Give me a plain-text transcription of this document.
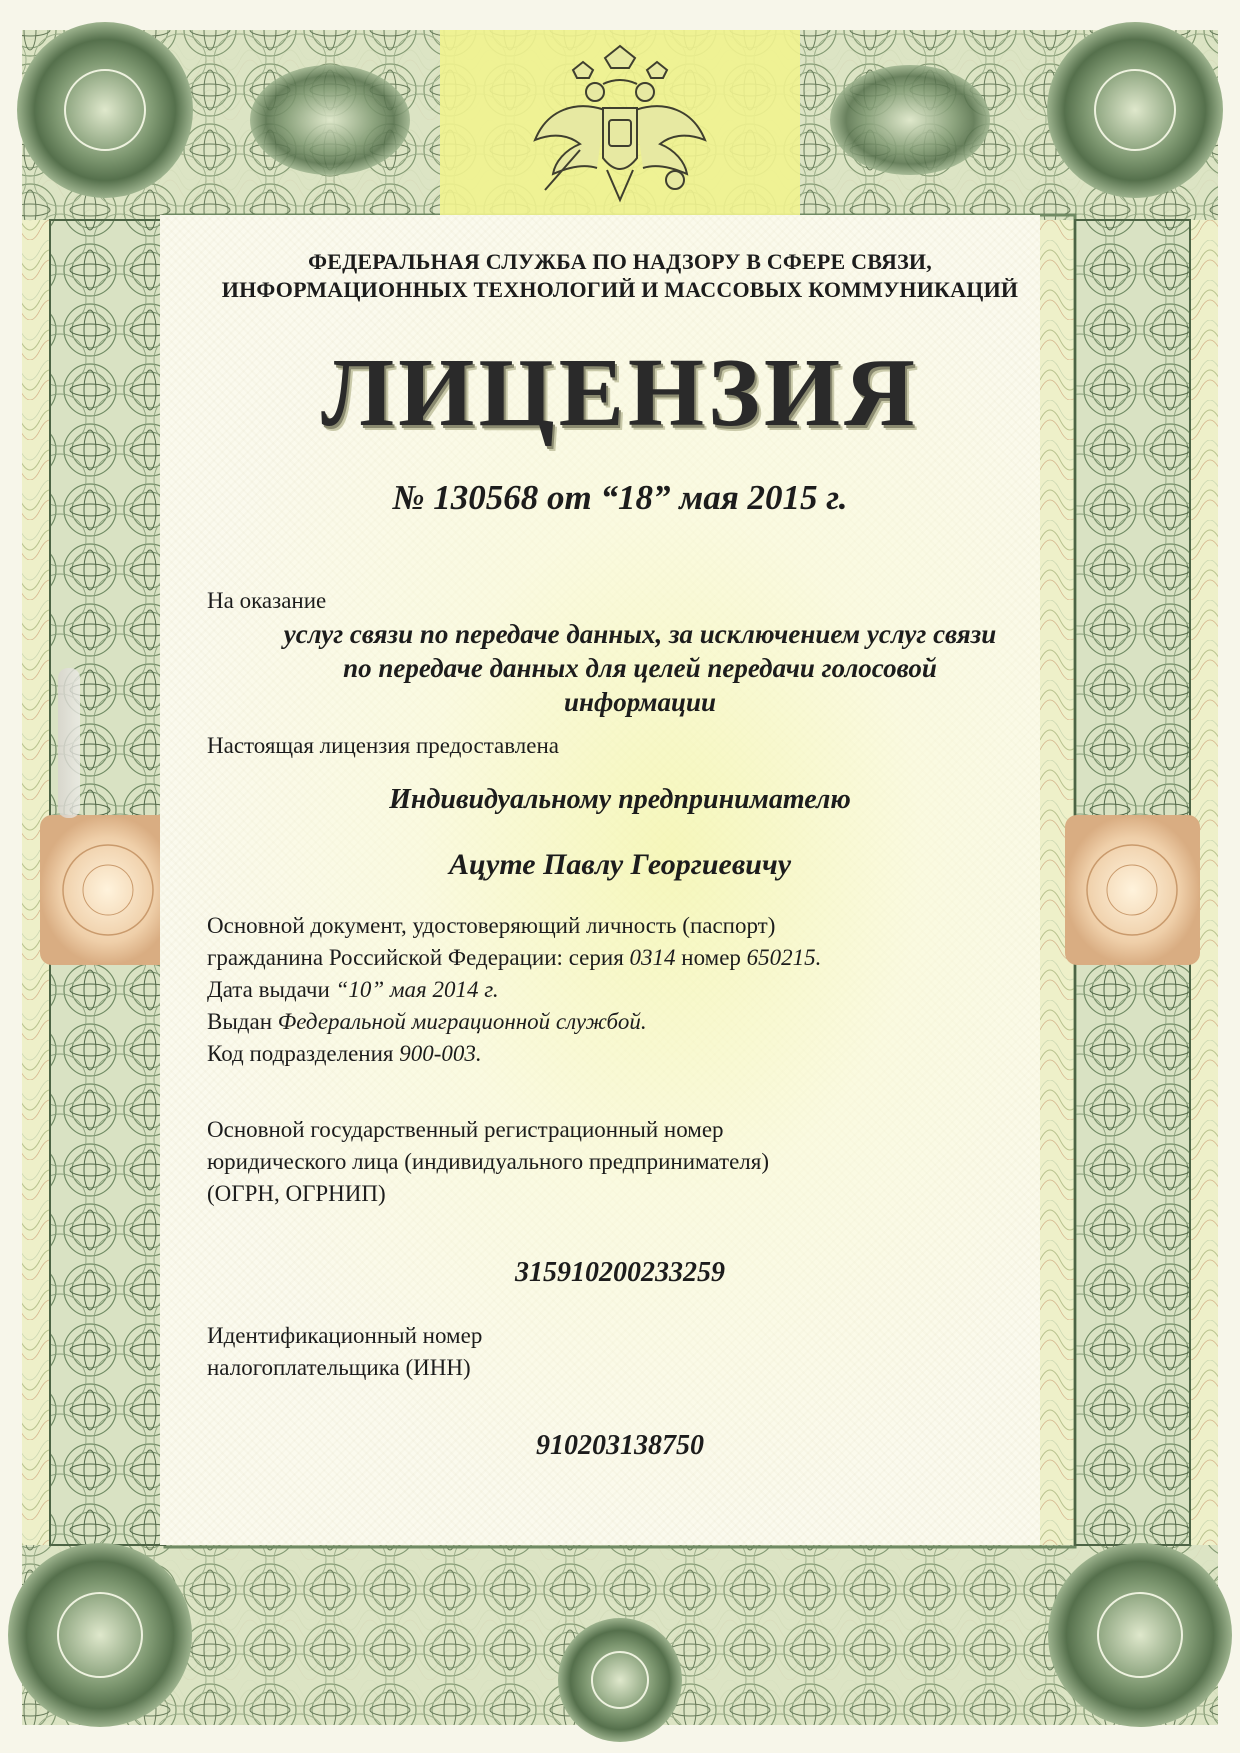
ФЕДЕРАЛЬНАЯ СЛУЖБА ПО НАДЗОРУ В СФЕРЕ СВЯЗИ,
ИНФОРМАЦИОННЫХ ТЕХНОЛОГИЙ И МАССОВЫХ КОММУНИКАЦИЙ
ЛИЦЕНЗИЯ
№ 130568 от “18” мая 2015 г.
На оказание
услуг связи по передаче данных, за исключением услуг связи
по передаче данных для целей передачи голосовой
информации
Настоящая лицензия предоставлена
Индивидуальному предпринимателю
Ацуте Павлу Георгиевичу
Основной документ, удостоверяющий личность (паспорт)
гражданина Российской Федерации: серия 0314 номер 650215.
Дата выдачи “10” мая 2014 г.
Выдан Федеральной миграционной службой.
Код подразделения 900-003.
Основной государственный регистрационный номер
юридического лица (индивидуального предпринимателя)
(ОГРН, ОГРНИП)
315910200233259
Идентификационный номер
налогоплательщика (ИНН)
910203138750
